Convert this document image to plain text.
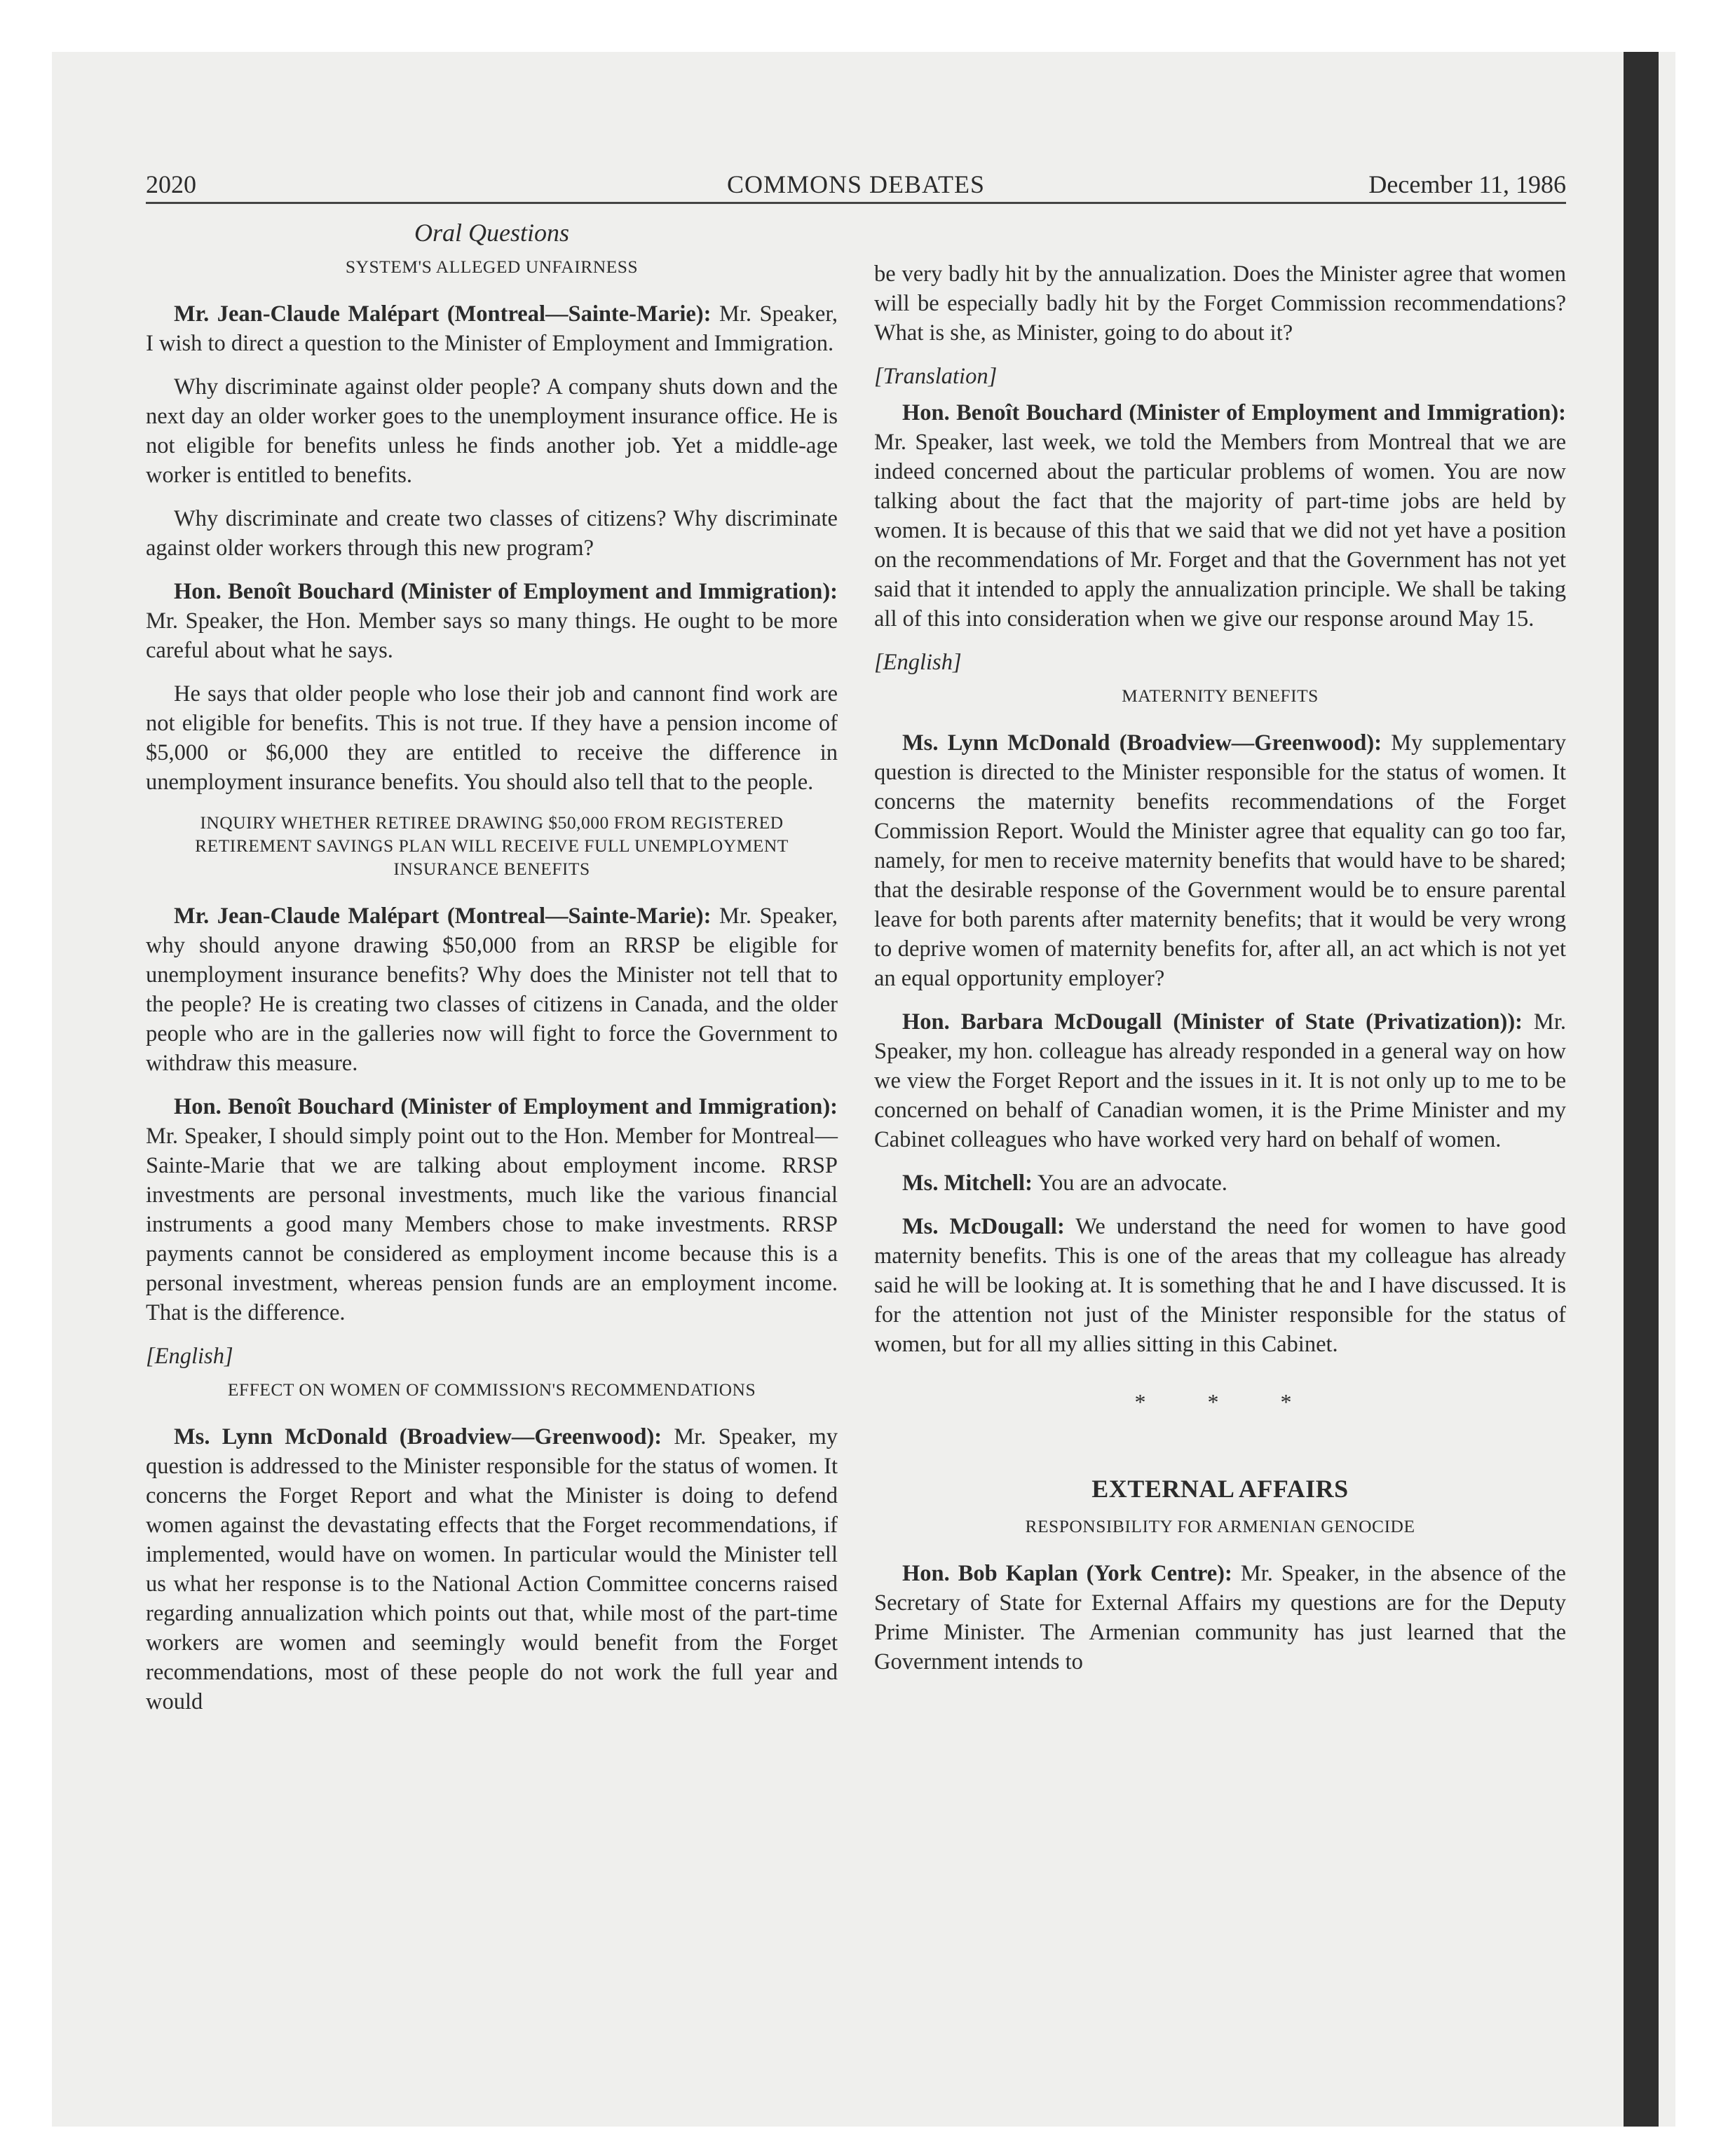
2020	COMMONS DEBATES	December 11, 1986
Oral Questions
SYSTEM'S ALLEGED UNFAIRNESS

Mr. Jean-Claude Malépart (Montreal—Sainte-Marie): Mr. Speaker, I wish to direct a question to the Minister of Employment and Immigration.

Why discriminate against older people? A company shuts down and the next day an older worker goes to the unemployment insurance office. He is not eligible for benefits unless he finds another job. Yet a middle-age worker is entitled to benefits.

Why discriminate and create two classes of citizens? Why discriminate against older workers through this new program?

Hon. Benoît Bouchard (Minister of Employment and Immigration): Mr. Speaker, the Hon. Member says so many things. He ought to be more careful about what he says.

He says that older people who lose their job and cannont find work are not eligible for benefits. This is not true. If they have a pension income of $5,000 or $6,000 they are entitled to receive the difference in unemployment insurance benefits. You should also tell that to the people.

INQUIRY WHETHER RETIREE DRAWING $50,000 FROM REGISTERED RETIREMENT SAVINGS PLAN WILL RECEIVE FULL UNEMPLOYMENT INSURANCE BENEFITS

Mr. Jean-Claude Malépart (Montreal—Sainte-Marie): Mr. Speaker, why should anyone drawing $50,000 from an RRSP be eligible for unemployment insurance benefits? Why does the Minister not tell that to the people? He is creating two classes of citizens in Canada, and the older people who are in the galleries now will fight to force the Government to withdraw this measure.

Hon. Benoît Bouchard (Minister of Employment and Immigration): Mr. Speaker, I should simply point out to the Hon. Member for Montreal—Sainte-Marie that we are talking about employment income. RRSP investments are personal investments, much like the various financial instruments a good many Members chose to make investments. RRSP payments cannot be considered as employment income because this is a personal investment, whereas pension funds are an employment income. That is the difference.

[English]

EFFECT ON WOMEN OF COMMISSION'S RECOMMENDATIONS

Ms. Lynn McDonald (Broadview—Greenwood): Mr. Speaker, my question is addressed to the Minister responsible for the status of women. It concerns the Forget Report and what the Minister is doing to defend women against the devastating effects that the Forget recommendations, if implemented, would have on women. In particular would the Minister tell us what her response is to the National Action Committee concerns raised regarding annualization which points out that, while most of the part-time workers are women and seemingly would benefit from the Forget recommendations, most of these people do not work the full year and would

be very badly hit by the annualization. Does the Minister agree that women will be especially badly hit by the Forget Commission recommendations? What is she, as Minister, going to do about it?

[Translation]

Hon. Benoît Bouchard (Minister of Employment and Immigration): Mr. Speaker, last week, we told the Members from Montreal that we are indeed concerned about the particular problems of women. You are now talking about the fact that the majority of part-time jobs are held by women. It is because of this that we said that we did not yet have a position on the recommendations of Mr. Forget and that the Government has not yet said that it intended to apply the annualization principle. We shall be taking all of this into consideration when we give our response around May 15.

[English]

MATERNITY BENEFITS

Ms. Lynn McDonald (Broadview—Greenwood): My supplementary question is directed to the Minister responsible for the status of women. It concerns the maternity benefits recommendations of the Forget Commission Report. Would the Minister agree that equality can go too far, namely, for men to receive maternity benefits that would have to be shared; that the desirable response of the Government would be to ensure parental leave for both parents after maternity benefits; that it would be very wrong to deprive women of maternity benefits for, after all, an act which is not yet an equal opportunity employer?

Hon. Barbara McDougall (Minister of State (Privatization)): Mr. Speaker, my hon. colleague has already responded in a general way on how we view the Forget Report and the issues in it. It is not only up to me to be concerned on behalf of Canadian women, it is the Prime Minister and my Cabinet colleagues who have worked very hard on behalf of women.

Ms. Mitchell: You are an advocate.

Ms. McDougall: We understand the need for women to have good maternity benefits. This is one of the areas that my colleague has already said he will be looking at. It is something that he and I have discussed. It is for the attention not just of the Minister responsible for the status of women, but for all my allies sitting in this Cabinet.

* * *
EXTERNAL AFFAIRS
RESPONSIBILITY FOR ARMENIAN GENOCIDE

Hon. Bob Kaplan (York Centre): Mr. Speaker, in the absence of the Secretary of State for External Affairs my questions are for the Deputy Prime Minister. The Armenian community has just learned that the Government intends to
